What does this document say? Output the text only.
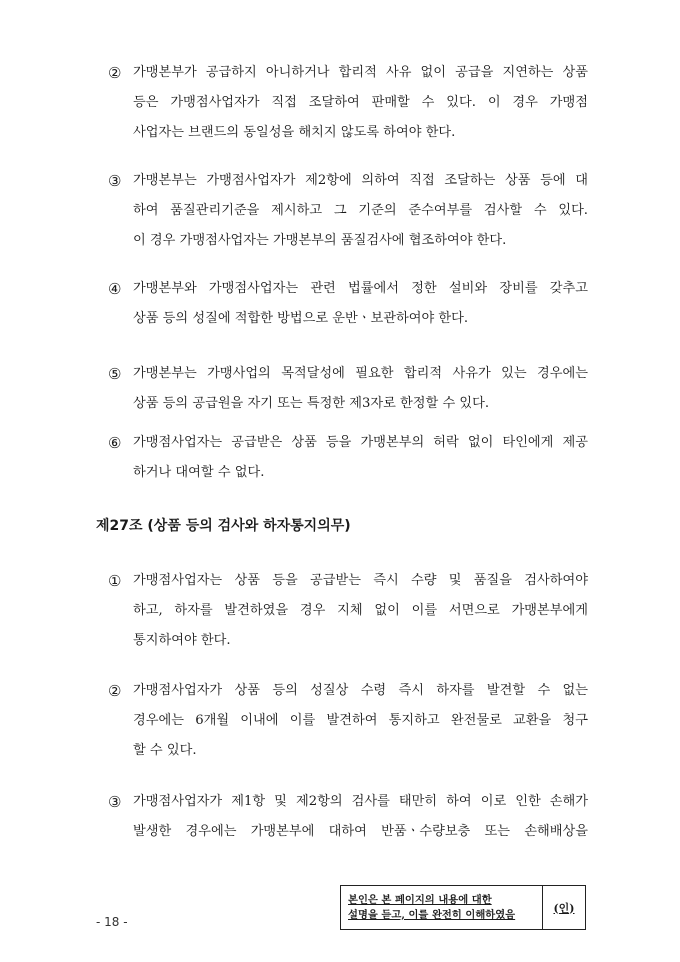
② 가맹본부가 공급하지 아니하거나 합리적 사유 없이 공급을 지연하는 상품
등은 가맹점사업자가 직접 조달하여 판매할 수 있다. 이 경우 가맹점
사업자는 브랜드의 동일성을 해치지 않도록 하여야 한다.
③ 가맹본부는 가맹점사업자가 제2항에 의하여 직접 조달하는 상품 등에 대
하여 품질관리기준을 제시하고 그 기준의 준수여부를 검사할 수 있다.
이 경우 가맹점사업자는 가맹본부의 품질검사에 협조하여야 한다.
④ 가맹본부와 가맹점사업자는 관련 법률에서 정한 설비와 장비를 갖추고
상품 등의 성질에 적합한 방법으로 운반ㆍ보관하여야 한다.
⑤ 가맹본부는 가맹사업의 목적달성에 필요한 합리적 사유가 있는 경우에는
상품 등의 공급원을 자기 또는 특정한 제3자로 한정할 수 있다.
⑥ 가맹점사업자는 공급받은 상품 등을 가맹본부의 허락 없이 타인에게 제공
하거나 대여할 수 없다.
제27조 (상품 등의 검사와 하자통지의무)
① 가맹점사업자는 상품 등을 공급받는 즉시 수량 및 품질을 검사하여야
하고, 하자를 발견하였을 경우 지체 없이 이를 서면으로 가맹본부에게
통지하여야 한다.
② 가맹점사업자가 상품 등의 성질상 수령 즉시 하자를 발견할 수 없는
경우에는 6개월 이내에 이를 발견하여 통지하고 완전물로 교환을 청구
할 수 있다.
③ 가맹점사업자가 제1항 및 제2항의 검사를 태만히 하여 이로 인한 손해가
발생한 경우에는 가맹본부에 대하여 반품ㆍ수량보충 또는 손해배상을
- 18 -
본인은 본 페이지의 내용에 대한
설명을 듣고, 이를 완전히 이해하였음	(인)
